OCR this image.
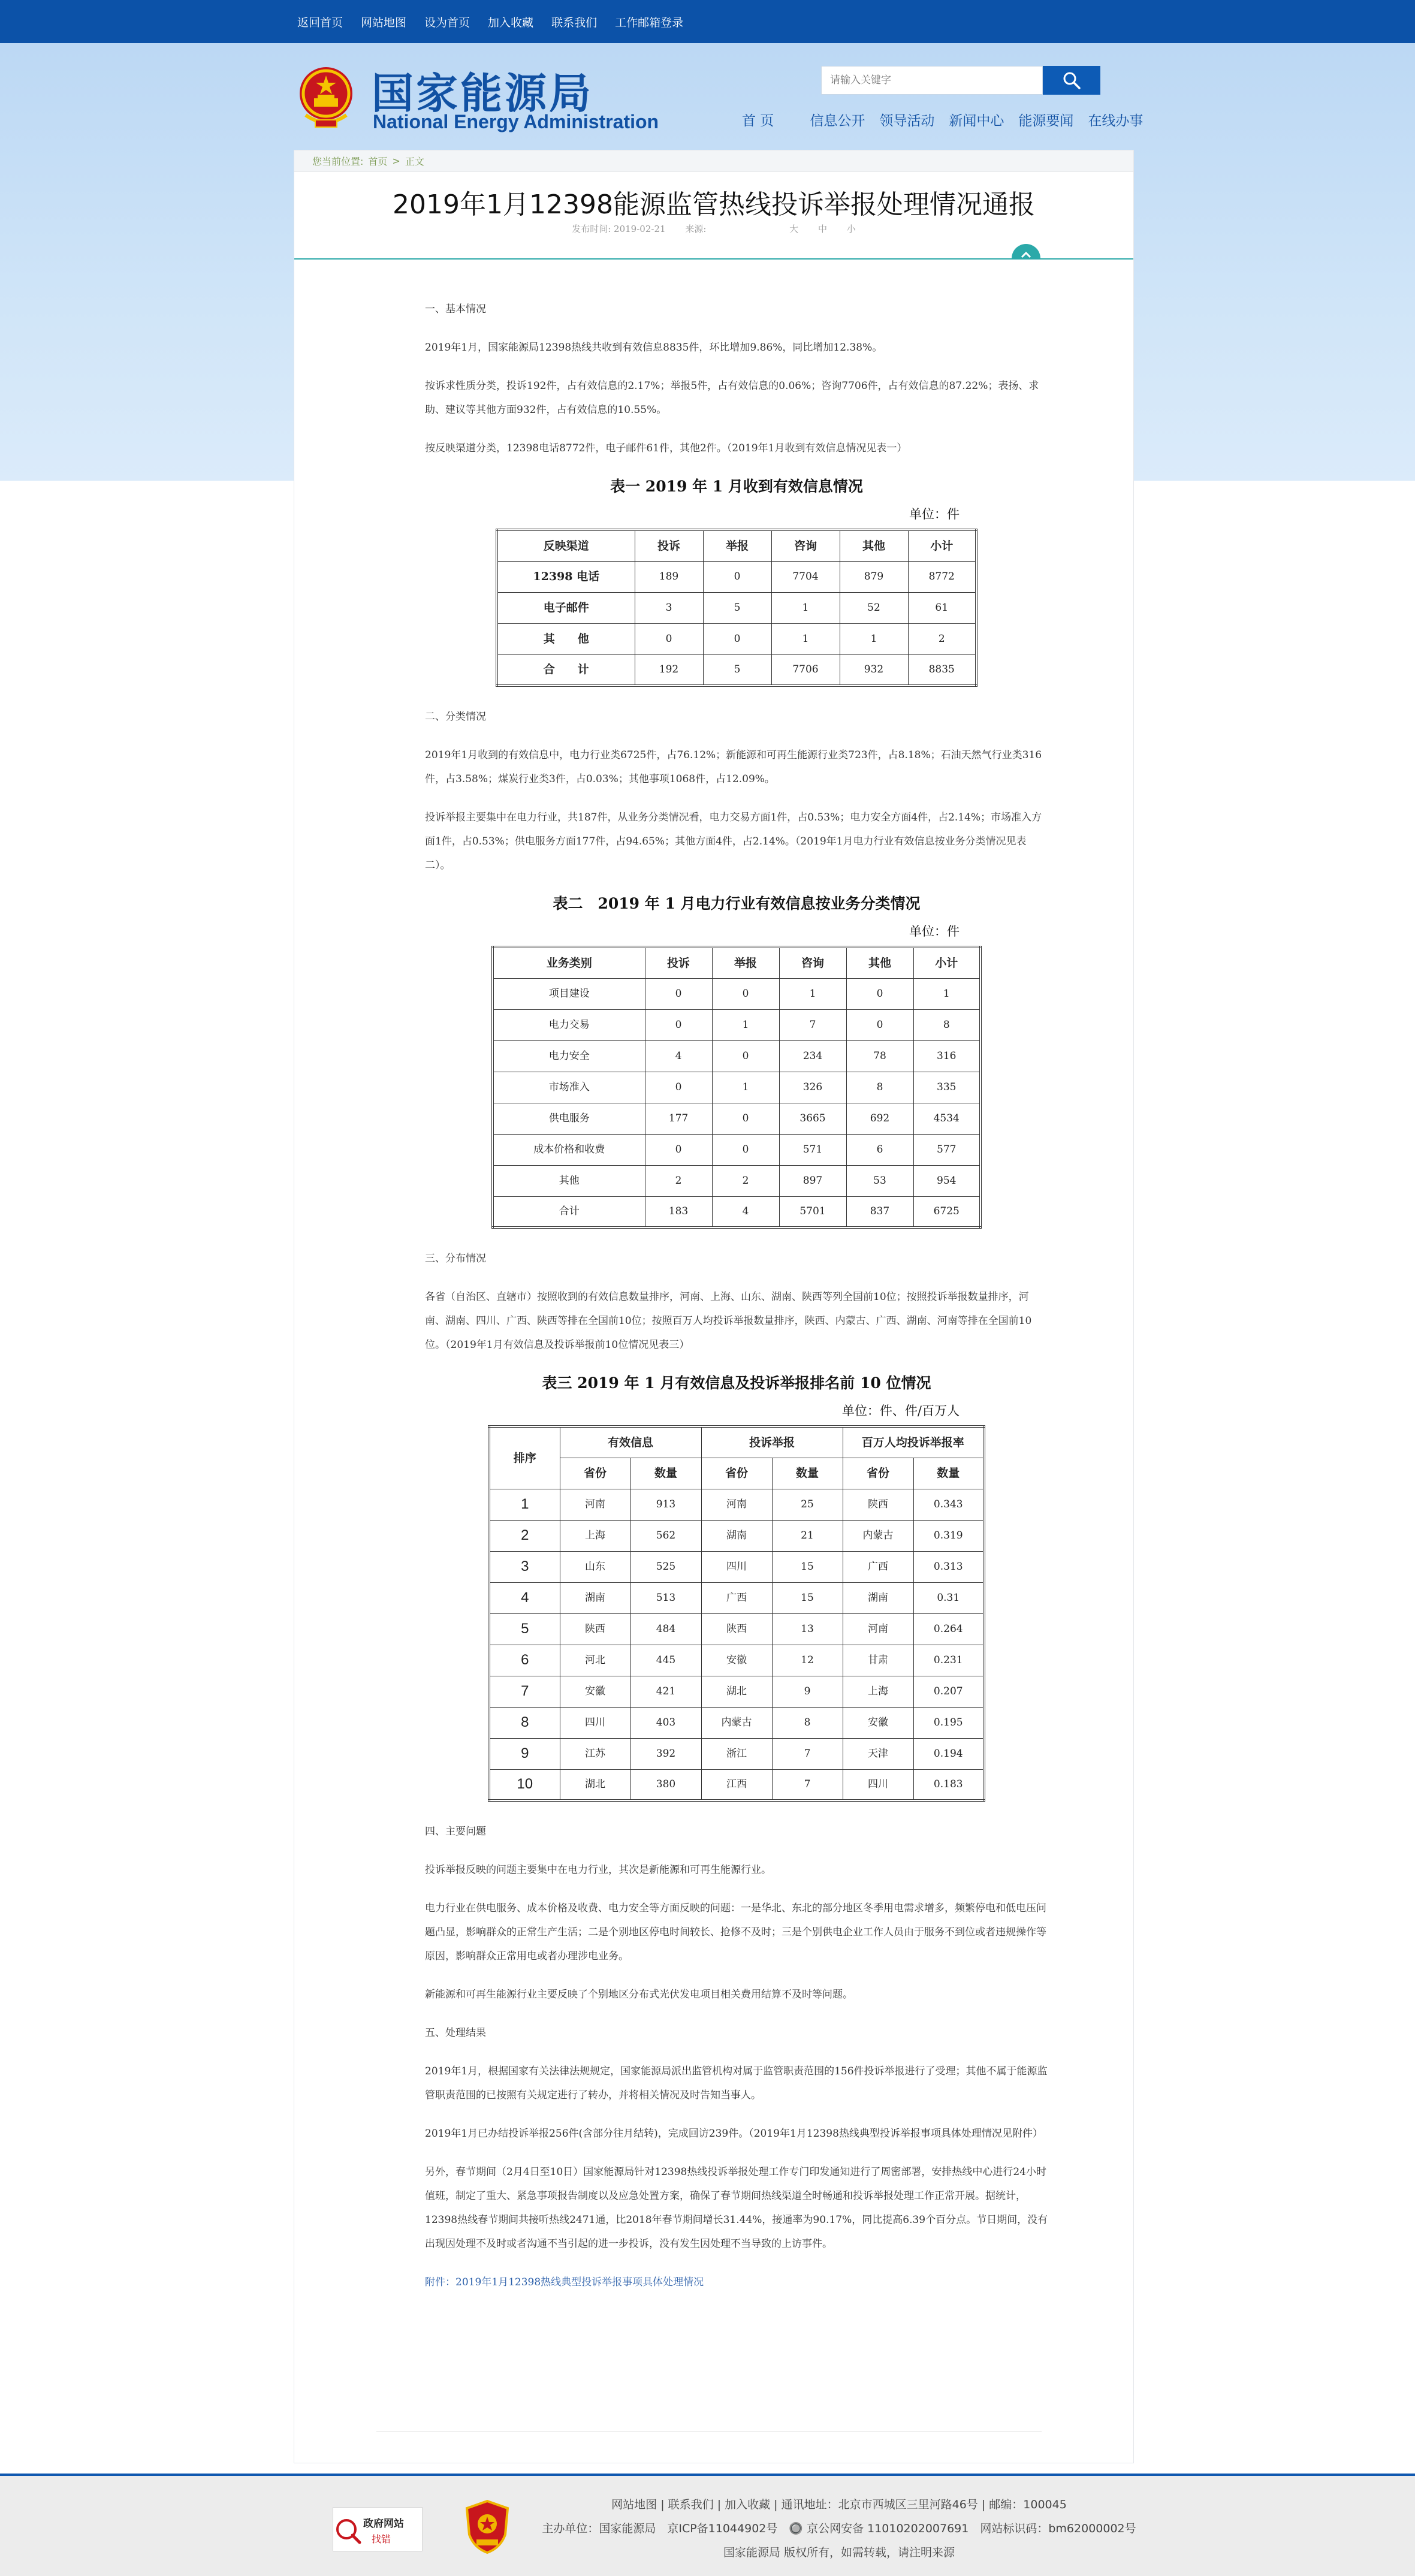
返回首页 网站地图 设为首页 加入收藏 联系我们 工作邮箱登录
国家能源局
National Energy Administration
请输入关键字	首 页	信息公开 领导活动 新闻中心 能源要闻 在线办事
您当前位置: 首页 > 正文
2019年1月12398能源监管热线投诉举报处理情况通报
发布时间: 2019-02-21 来源:	大 中 小
一、基本情况

2019年1月，国家能源局12398热线共收到有效信息8835件，环比增加9.86%，同比增加12.38%。

按诉求性质分类，投诉192件，占有效信息的2.17%；举报5件，占有效信息的0.06%；咨询7706件，占有效信息的87.22%；表扬、求助、建议等其他方面932件，占有效信息的10.55%。

按反映渠道分类，12398电话8772件，电子邮件61件，其他2件。（2019年1月收到有效信息情况见表一）

表一 2019 年 1 月收到有效信息情况
单位：件
反映渠道	投诉	举报	咨询	其他	小计
12398 电话	189	0	7704	879	8772
电子邮件	3	5	1	52	61
其　　他	0	0	1	1	2
合　　计	192	5	7706	932	8835
二、分类情况

2019年1月收到的有效信息中，电力行业类6725件，占76.12%；新能源和可再生能源行业类723件，占8.18%；石油天然气行业类316件，占3.58%；煤炭行业类3件，占0.03%；其他事项1068件，占12.09%。

投诉举报主要集中在电力行业，共187件，从业务分类情况看，电力交易方面1件，占0.53%；电力安全方面4件，占2.14%；市场准入方面1件，占0.53%；供电服务方面177件，占94.65%；其他方面4件，占2.14%。（2019年1月电力行业有效信息按业务分类情况见表二）。

表二　2019 年 1 月电力行业有效信息按业务分类情况
单位：件
业务类别	投诉	举报	咨询	其他	小计
项目建设	0	0	1	0	1
电力交易	0	1	7	0	8
电力安全	4	0	234	78	316
市场准入	0	1	326	8	335
供电服务	177	0	3665	692	4534
成本价格和收费	0	0	571	6	577
其他	2	2	897	53	954
合计	183	4	5701	837	6725
三、分布情况

各省（自治区、直辖市）按照收到的有效信息数量排序，河南、上海、山东、湖南、陕西等列全国前10位；按照投诉举报数量排序，河南、湖南、四川、广西、陕西等排在全国前10位；按照百万人均投诉举报数量排序，陕西、内蒙古、广西、湖南、河南等排在全国前10位。（2019年1月有效信息及投诉举报前10位情况见表三）

表三 2019 年 1 月有效信息及投诉举报排名前 10 位情况
单位：件、件/百万人
排序	有效信息		投诉举报		百万人均投诉举报率	
	省份	数量	省份	数量	省份	数量
1	河南	913	河南	25	陕西	0.343
2	上海	562	湖南	21	内蒙古	0.319
3	山东	525	四川	15	广西	0.313
4	湖南	513	广西	15	湖南	0.31
5	陕西	484	陕西	13	河南	0.264
6	河北	445	安徽	12	甘肃	0.231
7	安徽	421	湖北	9	上海	0.207
8	四川	403	内蒙古	8	安徽	0.195
9	江苏	392	浙江	7	天津	0.194
10	湖北	380	江西	7	四川	0.183
四、主要问题

投诉举报反映的问题主要集中在电力行业，其次是新能源和可再生能源行业。

电力行业在供电服务、成本价格及收费、电力安全等方面反映的问题：一是华北、东北的部分地区冬季用电需求增多，频繁停电和低电压问题凸显，影响群众的正常生产生活；二是个别地区停电时间较长、抢修不及时；三是个别供电企业工作人员由于服务不到位或者违规操作等原因，影响群众正常用电或者办理涉电业务。

新能源和可再生能源行业主要反映了个别地区分布式光伏发电项目相关费用结算不及时等问题。

五、处理结果

2019年1月，根据国家有关法律法规规定，国家能源局派出监管机构对属于监管职责范围的156件投诉举报进行了受理；其他不属于能源监管职责范围的已按照有关规定进行了转办，并将相关情况及时告知当事人。

2019年1月已办结投诉举报256件(含部分往月结转)，完成回访239件。（2019年1月12398热线典型投诉举报事项具体处理情况见附件）

另外，春节期间（2月4日至10日）国家能源局针对12398热线投诉举报处理工作专门印发通知进行了周密部署，安排热线中心进行24小时值班，制定了重大、紧急事项报告制度以及应急处置方案，确保了春节期间热线渠道全时畅通和投诉举报处理工作正常开展。据统计，12398热线春节期间共接听热线2471通，比2018年春节期间增长31.44%，接通率为90.17%，同比提高6.39个百分点。节日期间，没有出现因处理不及时或者沟通不当引起的进一步投诉，没有发生因处理不当导致的上访事件。

附件：2019年1月12398热线典型投诉举报事项具体处理情况

政府网站
找错
网站地图 | 联系我们 | 加入收藏 | 通讯地址：北京市西城区三里河路46号 | 邮编：100045
主办单位：国家能源局　京ICP备11044902号　🔘 京公网安备 11010202007691　网站标识码：bm62000002号
国家能源局 版权所有，如需转载，请注明来源
